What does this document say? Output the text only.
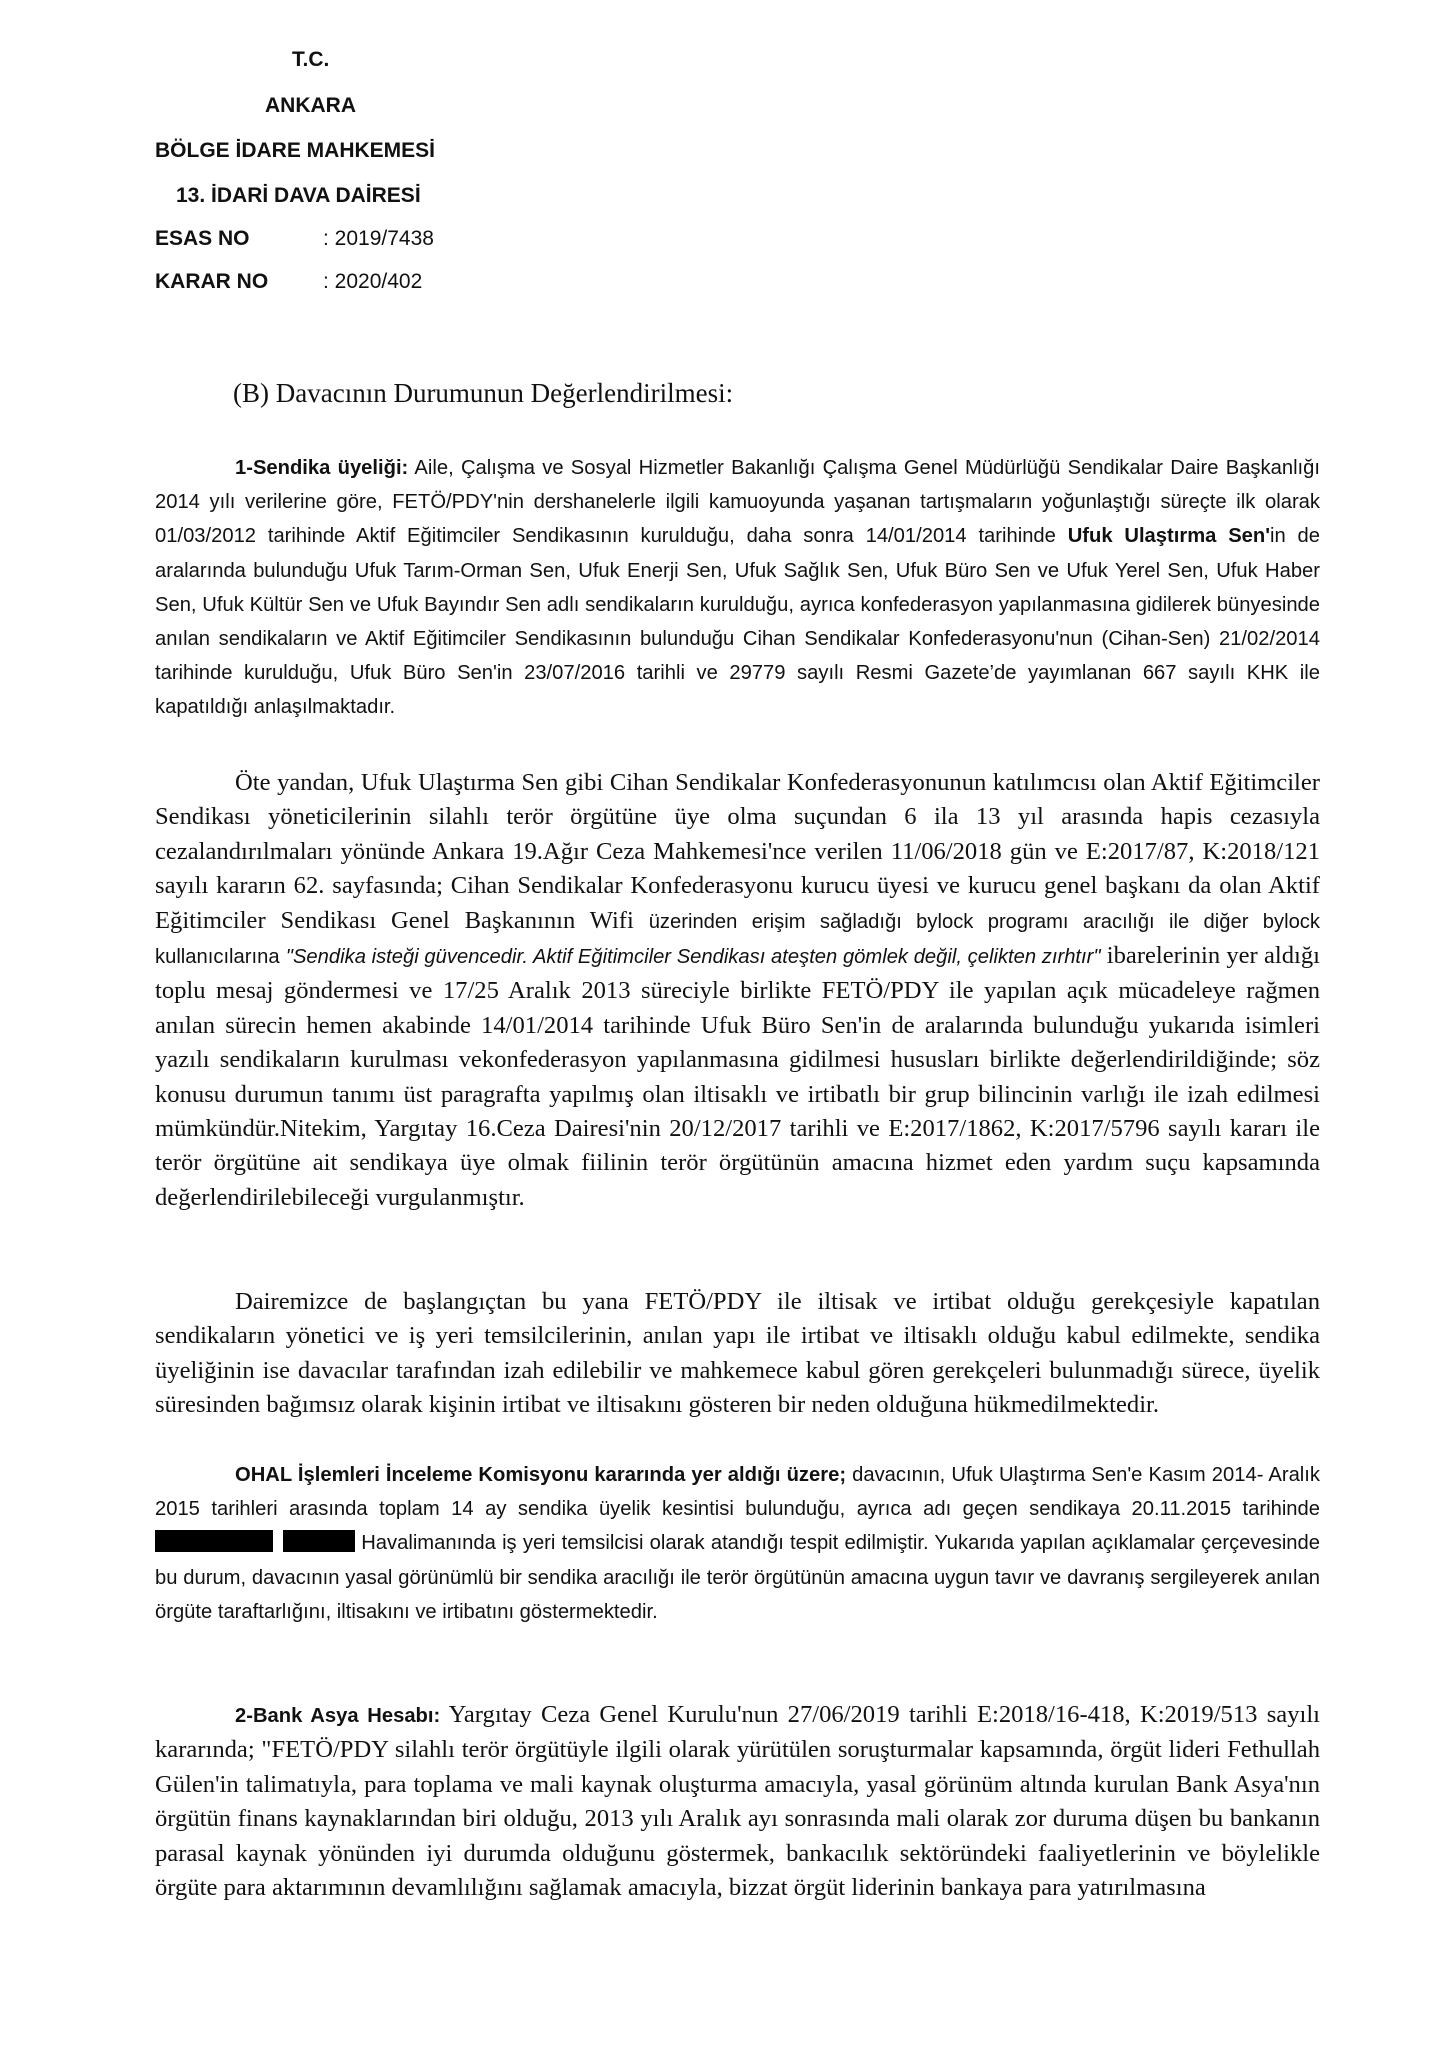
T.C.
ANKARA
BÖLGE İDARE MAHKEMESİ
13. İDARİ DAVA DAİRESİ
ESAS NO	: 2019/7438
KARAR NO	: 2020/402
(B) Davacının Durumunun Değerlendirilmesi:
1-Sendika üyeliği: Aile, Çalışma ve Sosyal Hizmetler Bakanlığı Çalışma Genel Müdürlüğü Sendikalar Daire Başkanlığı 2014 yılı verilerine göre, FETÖ/PDY'nin dershanelerle ilgili kamuoyunda yaşanan tartışmaların yoğunlaştığı süreçte ilk olarak 01/03/2012 tarihinde Aktif Eğitimciler Sendikasının kurulduğu, daha sonra 14/01/2014 tarihinde Ufuk Ulaştırma Sen'in de aralarında bulunduğu Ufuk Tarım-Orman Sen, Ufuk Enerji Sen, Ufuk Sağlık Sen, Ufuk Büro Sen ve Ufuk Yerel Sen, Ufuk Haber Sen, Ufuk Kültür Sen ve Ufuk Bayındır Sen adlı sendikaların kurulduğu, ayrıca konfederasyon yapılanmasına gidilerek bünyesinde anılan sendikaların ve Aktif Eğitimciler Sendikasının bulunduğu Cihan Sendikalar Konfederasyonu'nun (Cihan-Sen) 21/02/2014 tarihinde kurulduğu, Ufuk Büro Sen'in 23/07/2016 tarihli ve 29779 sayılı Resmi Gazete’de yayımlanan 667 sayılı KHK ile kapatıldığı anlaşılmaktadır.
Öte yandan, Ufuk Ulaştırma Sen gibi Cihan Sendikalar Konfederasyonunun katılımcısı olan Aktif Eğitimciler Sendikası yöneticilerinin silahlı terör örgütüne üye olma suçundan 6 ila 13 yıl arasında hapis cezasıyla cezalandırılmaları yönünde Ankara 19.Ağır Ceza Mahkemesi'nce verilen 11/06/2018 gün ve E:2017/87, K:2018/121 sayılı kararın 62. sayfasında; Cihan Sendikalar Konfederasyonu kurucu üyesi ve kurucu genel başkanı da olan Aktif Eğitimciler Sendikası Genel Başkanının Wifi üzerinden erişim sağladığı bylock programı aracılığı ile diğer bylock kullanıcılarına "Sendika isteği güvencedir. Aktif Eğitimciler Sendikası ateşten gömlek değil, çelikten zırhtır" ibarelerinin yer aldığı toplu mesaj göndermesi ve 17/25 Aralık 2013 süreciyle birlikte FETÖ/PDY ile yapılan açık mücadeleye rağmen anılan sürecin hemen akabinde 14/01/2014 tarihinde Ufuk Büro Sen'in de aralarında bulunduğu yukarıda isimleri yazılı sendikaların kurulması vekonfederasyon yapılanmasına gidilmesi hususları birlikte değerlendirildiğinde; söz konusu durumun tanımı üst paragrafta yapılmış olan iltisaklı ve irtibatlı bir grup bilincinin varlığı ile izah edilmesi mümkündür.Nitekim, Yargıtay 16.Ceza Dairesi'nin 20/12/2017 tarihli ve E:2017/1862, K:2017/5796 sayılı kararı ile terör örgütüne ait sendikaya üye olmak fiilinin terör örgütünün amacına hizmet eden yardım suçu kapsamında değerlendirilebileceği vurgulanmıştır.
Dairemizce de başlangıçtan bu yana FETÖ/PDY ile iltisak ve irtibat olduğu gerekçesiyle kapatılan sendikaların yönetici ve iş yeri temsilcilerinin, anılan yapı ile irtibat ve iltisaklı olduğu kabul edilmekte, sendika üyeliğinin ise davacılar tarafından izah edilebilir ve mahkemece kabul gören gerekçeleri bulunmadığı sürece, üyelik süresinden bağımsız olarak kişinin irtibat ve iltisakını gösteren bir neden olduğuna hükmedilmektedir.
OHAL İşlemleri İnceleme Komisyonu kararında yer aldığı üzere; davacının, Ufuk Ulaştırma Sen'e Kasım 2014- Aralık 2015 tarihleri arasında toplam 14 ay sendika üyelik kesintisi bulunduğu, ayrıca adı geçen sendikaya 20.11.2015 tarihinde  Havalimanında iş yeri temsilcisi olarak atandığı tespit edilmiştir. Yukarıda yapılan açıklamalar çerçevesinde bu durum, davacının yasal görünümlü bir sendika aracılığı ile terör örgütünün amacına uygun tavır ve davranış sergileyerek anılan örgüte taraftarlığını, iltisakını ve irtibatını göstermektedir.
2-Bank Asya Hesabı: Yargıtay Ceza Genel Kurulu'nun 27/06/2019 tarihli E:2018/16-418, K:2019/513 sayılı kararında; "FETÖ/PDY silahlı terör örgütüyle ilgili olarak yürütülen soruşturmalar kapsamında, örgüt lideri Fethullah Gülen'in talimatıyla, para toplama ve mali kaynak oluşturma amacıyla, yasal görünüm altında kurulan Bank Asya'nın örgütün finans kaynaklarından biri olduğu, 2013 yılı Aralık ayı sonrasında mali olarak zor duruma düşen bu bankanın parasal kaynak yönünden iyi durumda olduğunu göstermek, bankacılık sektöründeki faaliyetlerinin ve böylelikle örgüte para aktarımının devamlılığını sağlamak amacıyla, bizzat örgüt liderinin bankaya para yatırılmasına
